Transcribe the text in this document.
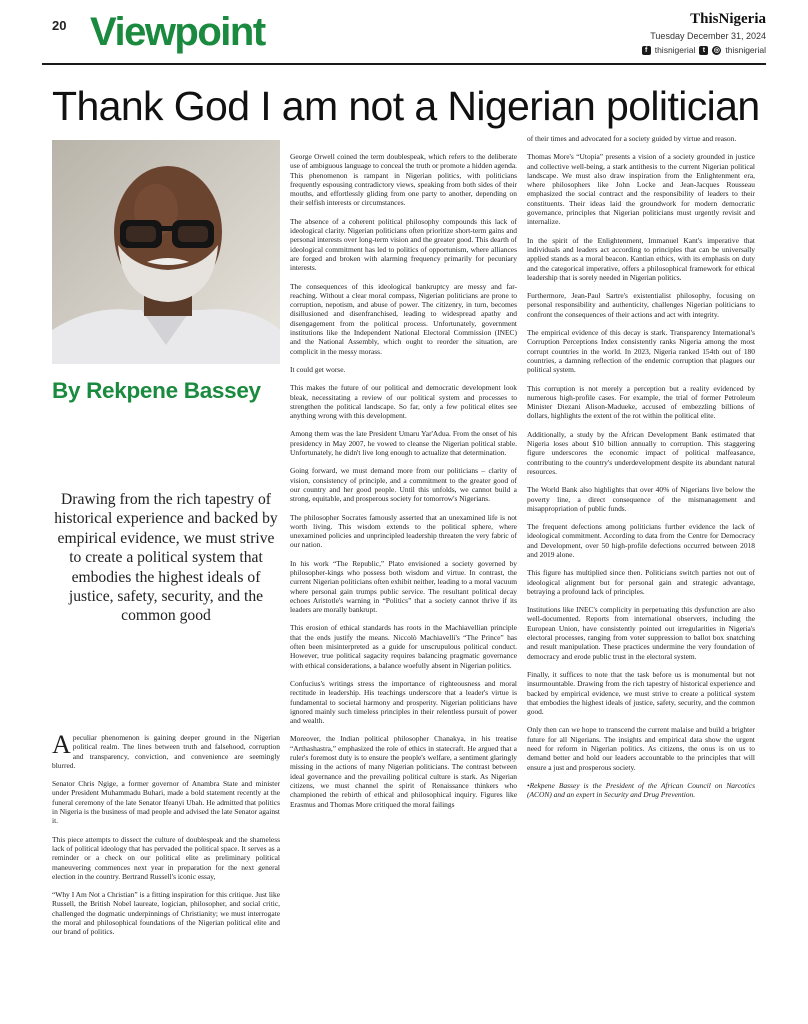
20 Viewpoint	ThisNigeria
Tuesday December 31, 2024
f thisnigerial	t	◎ thisnigerial
Thank God I am not a Nigerian politician
By Rekpene Bassey
Drawing from the rich tapestry of historical experience and backed by empirical evidence, we must strive to create a political system that embodies the highest ideals of justice, safety, security, and the common good

Apeculiar phenomenon is gaining deeper ground in the Nigerian political realm. The lines between truth and falsehood, corruption and transparency, conviction, and convenience are seemingly blurred.

Senator Chris Ngige, a former governor of Anambra State and minister under President Muhammadu Buhari, made a bold statement recently at the funeral ceremony of the late Senator Ifeanyi Ubah. He admitted that politics in Nigeria is the business of mad people and advised the late Senator against it.

This piece attempts to dissect the culture of doublespeak and the shameless lack of political ideology that has pervaded the political space. It serves as a reminder or a check on our political elite as preliminary political maneuvering commences next year in preparation for the next general election in the country. Bertrand Russell's iconic essay,

“Why I Am Not a Christian” is a fitting inspiration for this critique. Just like Russell, the British Nobel laureate, logician, philosopher, and social critic, challenged the dogmatic underpinnings of Christianity; we must interrogate the moral and philosophical foundations of the Nigerian political elite and our brand of politics.

George Orwell coined the term doublespeak, which refers to the deliberate use of ambiguous language to conceal the truth or promote a hidden agenda. This phenomenon is rampant in Nigerian politics, with politicians frequently espousing contradictory views, speaking from both sides of their mouths, and effortlessly gliding from one party to another, depending on their selfish interests or circumstances.

The absence of a coherent political philosophy compounds this lack of ideological clarity. Nigerian politicians often prioritize short-term gains and personal interests over long-term vision and the greater good. This dearth of ideological commitment has led to politics of opportunism, where alliances are forged and broken with alarming frequency primarily for pecuniary interests.

The consequences of this ideological bankruptcy are messy and far-reaching. Without a clear moral compass, Nigerian politicians are prone to corruption, nepotism, and abuse of power. The citizenry, in turn, becomes disillusioned and disenfranchised, leading to widespread apathy and disengagement from the political process. Unfortunately, government institutions like the Independent National Electoral Commission (INEC) and the National Assembly, which ought to reorder the situation, are complicit in the messy morass.

It could get worse.

This makes the future of our political and democratic development look bleak, necessitating a review of our political system and processes to strengthen the political landscape. So far, only a few political elites see anything wrong with this development.

Among them was the late President Umaru Yar'Adua. From the onset of his presidency in May 2007, he vowed to cleanse the Nigerian political stable. Unfortunately, he didn't live long enough to actualize that determination.

Going forward, we must demand more from our politicians – clarity of vision, consistency of principle, and a commitment to the greater good of our country and her good people. Until this unfolds, we cannot build a strong, equitable, and prosperous society for tomorrow's Nigerians.

The philosopher Socrates famously asserted that an unexamined life is not worth living. This wisdom extends to the political sphere, where unexamined policies and unprincipled leadership threaten the very fabric of our nation.

In his work “The Republic,” Plato envisioned a society governed by philosopher-kings who possess both wisdom and virtue. In contrast, the current Nigerian politicians often exhibit neither, leading to a moral vacuum where personal gain trumps public service. The resultant political decay echoes Aristotle's warning in “Politics” that a society cannot thrive if its leaders are morally bankrupt.

This erosion of ethical standards has roots in the Machiavellian principle that the ends justify the means. Niccolò Machiavelli's “The Prince” has often been misinterpreted as a guide for unscrupulous political conduct. However, true political sagacity requires balancing pragmatic governance with ethical considerations, a balance woefully absent in Nigerian politics.

Confucius's writings stress the importance of righteousness and moral rectitude in leadership. His teachings underscore that a leader's virtue is fundamental to societal harmony and prosperity. Nigerian politicians have ignored mainly such timeless principles in their relentless pursuit of power and wealth.

Moreover, the Indian political philosopher Chanakya, in his treatise “Arthashastra,” emphasized the role of ethics in statecraft. He argued that a ruler's foremost duty is to ensure the people's welfare, a sentiment glaringly missing in the actions of many Nigerian politicians. The contrast between ideal governance and the prevailing political culture is stark. As Nigerian citizens, we must channel the spirit of Renaissance thinkers who championed the rebirth of ethical and philosophical inquiry. Figures like Erasmus and Thomas More critiqued the moral failings

of their times and advocated for a society guided by virtue and reason.

Thomas More's “Utopia” presents a vision of a society grounded in justice and collective well-being, a stark antithesis to the current Nigerian political landscape. We must also draw inspiration from the Enlightenment era, where philosophers like John Locke and Jean-Jacques Rousseau emphasized the social contract and the responsibility of leaders to their constituents. Their ideas laid the groundwork for modern democratic governance, principles that Nigerian politicians must urgently revisit and internalize.

In the spirit of the Enlightenment, Immanuel Kant's imperative that individuals and leaders act according to principles that can be universally applied stands as a moral beacon. Kantian ethics, with its emphasis on duty and the categorical imperative, offers a philosophical framework for ethical leadership that is sorely needed in Nigerian politics.

Furthermore, Jean-Paul Sartre's existentialist philosophy, focusing on personal responsibility and authenticity, challenges Nigerian politicians to confront the consequences of their actions and act with integrity.

The empirical evidence of this decay is stark. Transparency International's Corruption Perceptions Index consistently ranks Nigeria among the most corrupt countries in the world. In 2023, Nigeria ranked 154th out of 180 countries, a damning reflection of the endemic corruption that plagues our political system.

This corruption is not merely a perception but a reality evidenced by numerous high-profile cases. For example, the trial of former Petroleum Minister Diezani Alison-Madueke, accused of embezzling billions of dollars, highlights the extent of the rot within the political elite.

Additionally, a study by the African Development Bank estimated that Nigeria loses about $10 billion annually to corruption. This staggering figure underscores the economic impact of political malfeasance, contributing to the country's underdevelopment despite its abundant natural resources.

The World Bank also highlights that over 40% of Nigerians live below the poverty line, a direct consequence of the mismanagement and misappropriation of public funds.

The frequent defections among politicians further evidence the lack of ideological commitment. According to data from the Centre for Democracy and Development, over 50 high-profile defections occurred between 2018 and 2019 alone.

This figure has multiplied since then. Politicians switch parties not out of ideological alignment but for personal gain and strategic advantage, betraying a profound lack of principles.

Institutions like INEC's complicity in perpetuating this dysfunction are also well-documented. Reports from international observers, including the European Union, have consistently pointed out irregularities in Nigeria's electoral processes, ranging from voter suppression to ballot box snatching and result manipulation. These practices undermine the very foundation of democracy and erode public trust in the electoral system.

Finally, it suffices to note that the task before us is monumental but not insurmountable. Drawing from the rich tapestry of historical experience and backed by empirical evidence, we must strive to create a political system that embodies the highest ideals of justice, safety, security, and the common good.

Only then can we hope to transcend the current malaise and build a brighter future for all Nigerians. The insights and empirical data show the urgent need for reform in Nigerian politics. As citizens, the onus is on us to demand better and hold our leaders accountable to the principles that will ensure a just and prosperous society.

•Rekpene Bassey is the President of the African Council on Narcotics (ACON) and an expert in Security and Drug Prevention.
